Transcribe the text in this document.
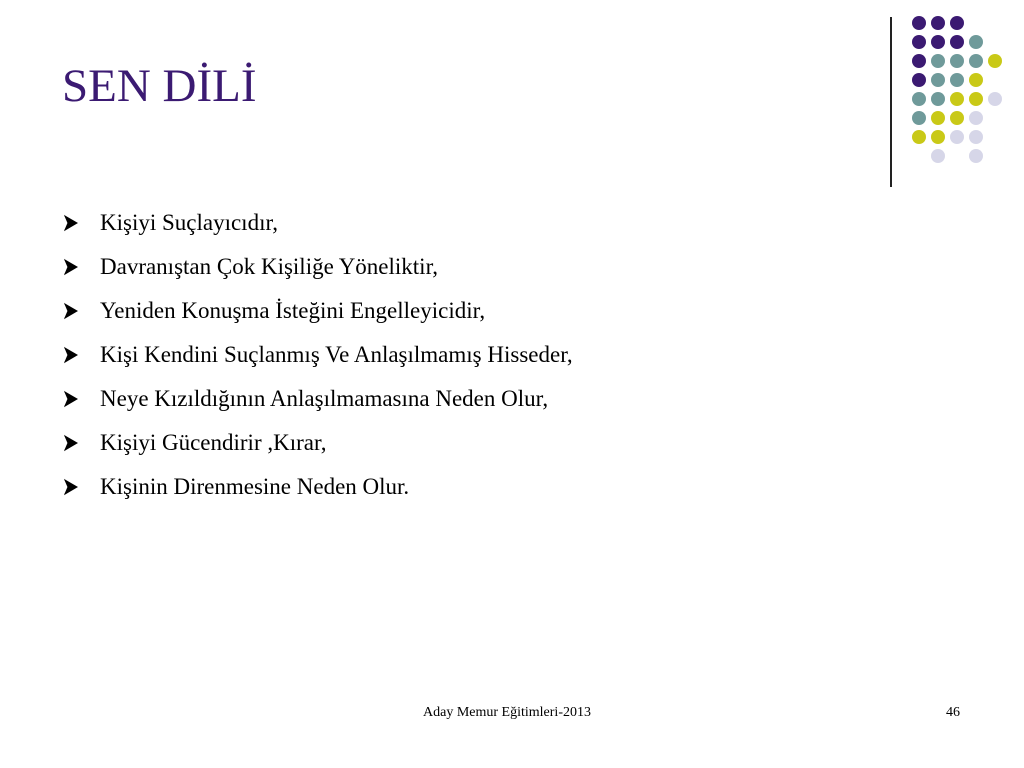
SEN DİLİ
Kişiyi Suçlayıcıdır,
Davranıştan Çok Kişiliğe Yöneliktir,
Yeniden Konuşma İsteğini Engelleyicidir,
Kişi Kendini Suçlanmış Ve Anlaşılmamış Hisseder,
Neye Kızıldığının Anlaşılmamasına Neden Olur,
Kişiyi Gücendirir ,Kırar,
Kişinin Direnmesine Neden Olur.
Aday Memur Eğitimleri-2013	46
